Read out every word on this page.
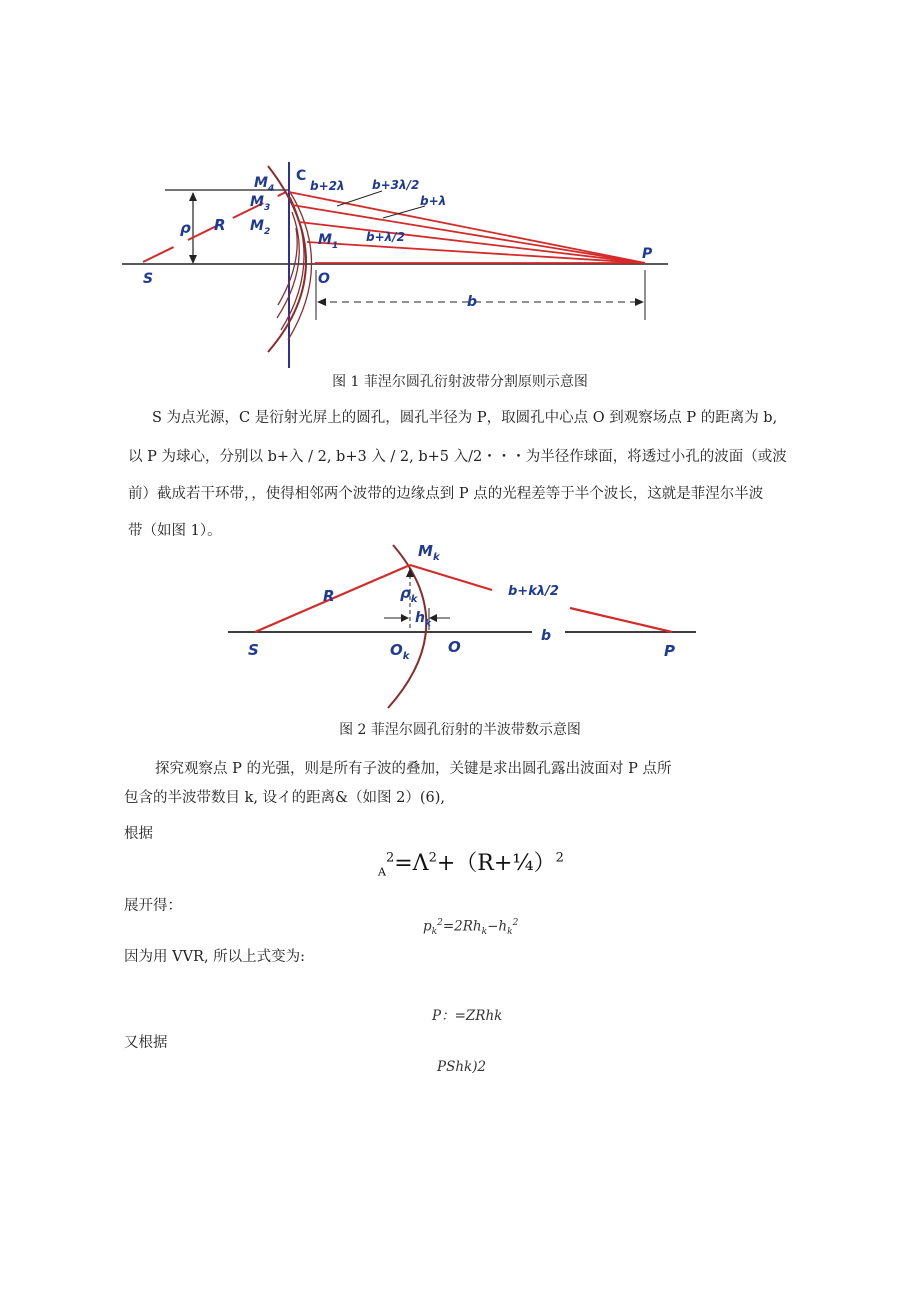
S
C
P
O
ρ R
b
$M_4$
$M_3$
$M_2$	$M_1$
b+2λ b+3λ/2
b+λ
b+λ/2
图 1 菲涅尔圆孔衍射波带分割原则示意图
S 为点光源，C 是衍射光屏上的圆孔，圆孔半径为 P，取圆孔中心点 O 到观察场点 P 的距离为 b,
以 P 为球心，分别以 b+入 / 2, b+3 入 / 2, b+5 入/2・・・为半径作球面，将透过小孔的波面（或波
前）截成若干环带，，使得相邻两个波带的边缘点到 P 点的光程差等于半个波长，这就是菲涅尔半波
带（如图 1）。
$M_k$
R	$\rho_k$
$h_k$
b+kλ/2
S	$O_k$
O
b
P
图 2 菲涅尔圆孔衍射的半波带数示意图
探究观察点 P 的光强，则是所有子波的叠加，关键是求出圆孔露出波面对 P 点所
包含的半波带数目 k, 设イ的距离&（如图 2）(6),
根据
$_A^2=\Lambda^2+(R+\frac{1}{4})^2$
展开得：
$p_k^2=2Rh_k-h_k^2$
因为用 VVR, 所以上式变为:
P：=ZRhk
又根据
PShk)2
